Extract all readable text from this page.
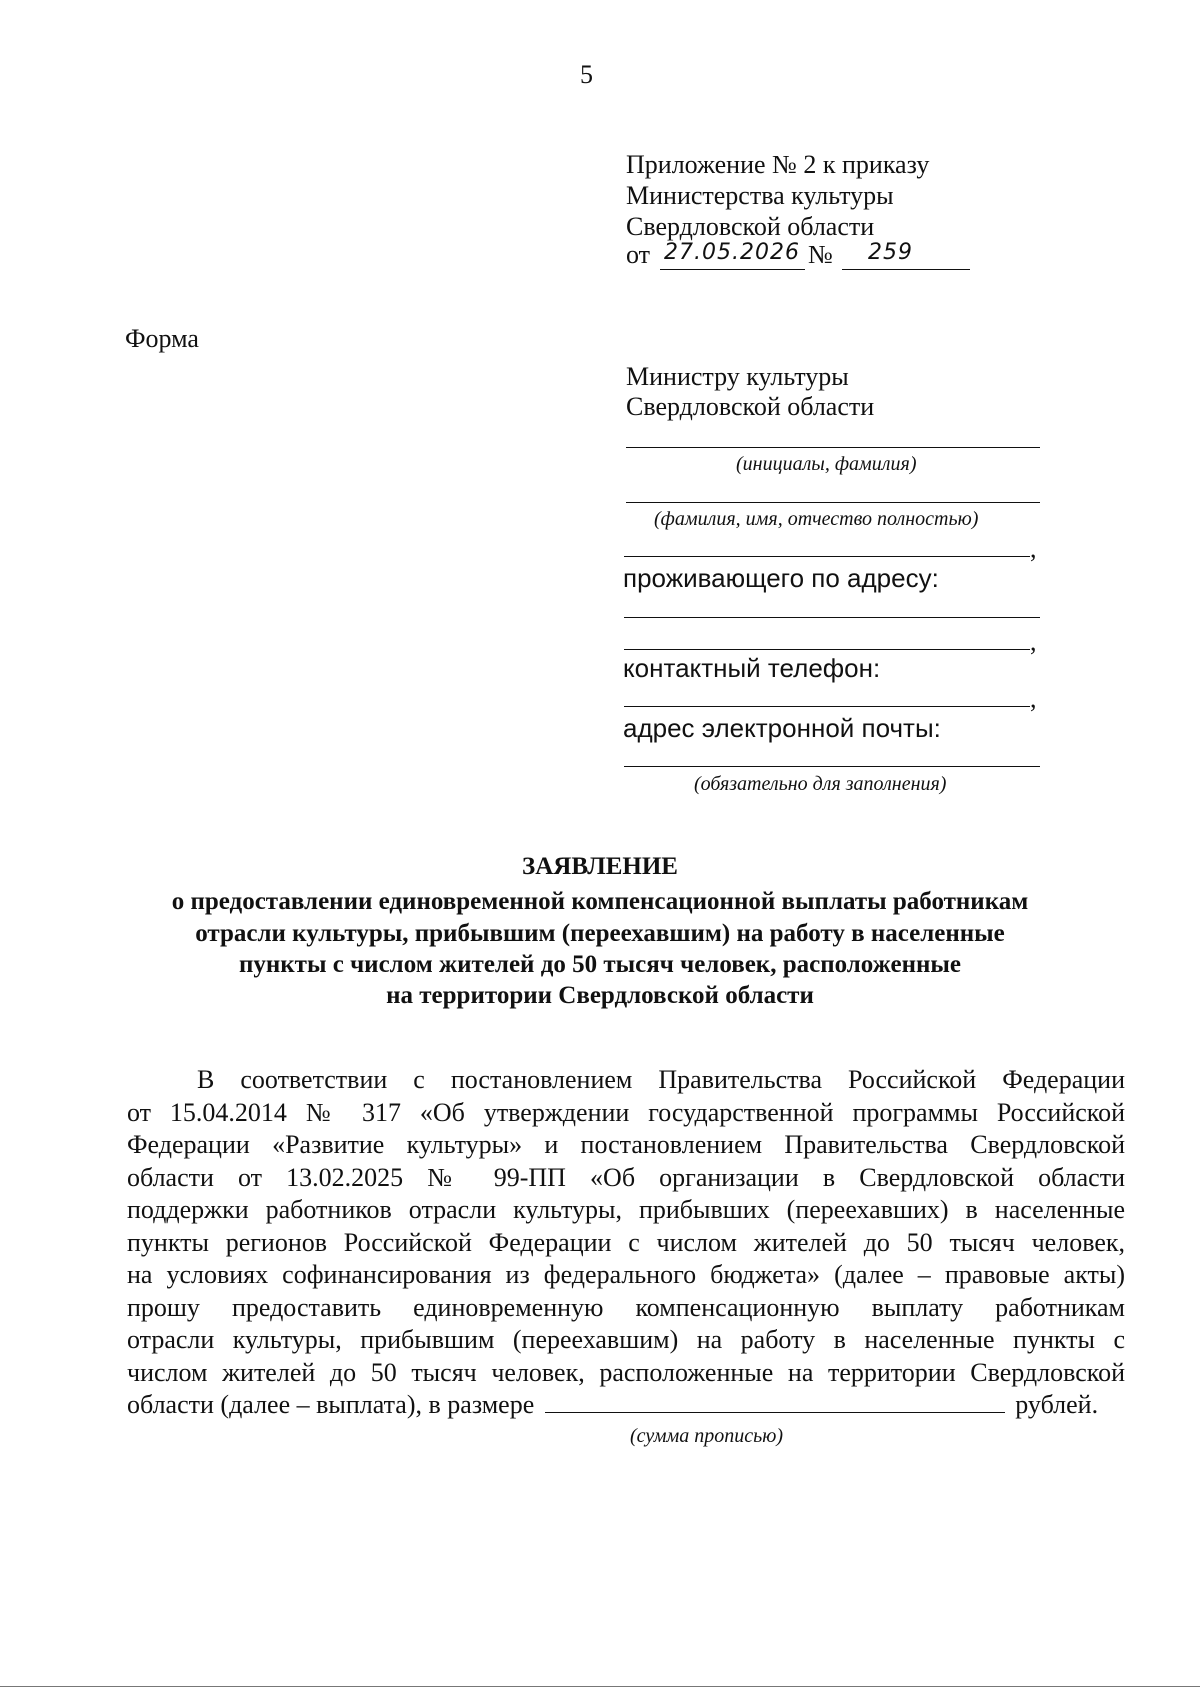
5
Приложение № 2 к приказу
Министерства культуры
Свердловской области
от 27.05.2026 № 259
Форма
Министру культуры
Свердловской области
(инициалы, фамилия)
(фамилия, имя, отчество полностью)
,
проживающего по адресу:
,
контактный телефон:
,
адрес электронной почты:
(обязательно для заполнения)
ЗАЯВЛЕНИЕ
о предоставлении единовременной компенсационной выплаты работникам
отрасли культуры, прибывшим (переехавшим) на работу в населенные
пункты с числом жителей до 50 тысяч человек, расположенные
на территории Свердловской области
В соответствии с постановлением Правительства Российской Федерации
от 15.04.2014 № 317 «Об утверждении государственной программы Российской
Федерации «Развитие культуры» и постановлением Правительства Свердловской
области от 13.02.2025 № 99-ПП «Об организации в Свердловской области
поддержки работников отрасли культуры, прибывших (переехавших) в населенные
пункты регионов Российской Федерации с числом жителей до 50 тысяч человек,
на условиях софинансирования из федерального бюджета» (далее – правовые акты)
прошу предоставить единовременную компенсационную выплату работникам
отрасли культуры, прибывшим (переехавшим) на работу в населенные пункты с
числом жителей до 50 тысяч человек, расположенные на территории Свердловской
области (далее – выплата), в размере	рублей.
(сумма прописью)
